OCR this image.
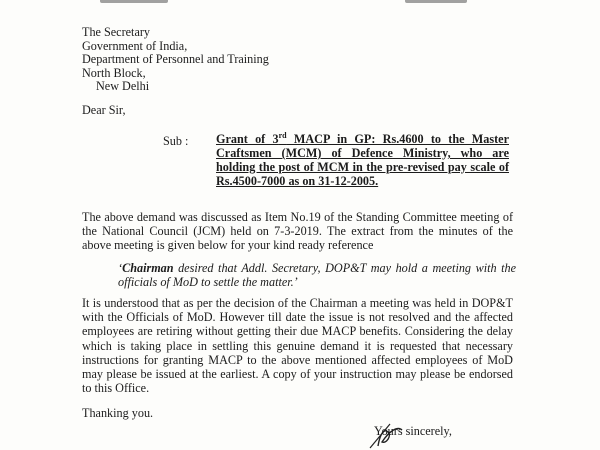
The Secretary
Government of India,
Department of Personnel and Training
North Block,
New Delhi
Dear Sir,
Sub : Grant of 3rd MACP in GP: Rs.4600 to the Master Craftsmen (MCM) of Defence Ministry, who are holding the post of MCM in the pre-revised pay scale of Rs.4500-7000 as on 31-12-2005.
The above demand was discussed as Item No.19 of the Standing Committee meeting of the National Council (JCM) held on 7-3-2019. The extract from the minutes of the above meeting is given below for your kind ready reference
‘Chairman desired that Addl. Secretary, DOP&T may hold a meeting with the officials of MoD to settle the matter.’
It is understood that as per the decision of the Chairman a meeting was held in DOP&T with the Officials of MoD. However till date the issue is not resolved and the affected employees are retiring without getting their due MACP benefits. Considering the delay which is taking place in settling this genuine demand it is requested that necessary instructions for granting MACP to the above mentioned affected employees of MoD may please be issued at the earliest. A copy of your instruction may please be endorsed to this Office.
Thanking you.
Yours sincerely,
